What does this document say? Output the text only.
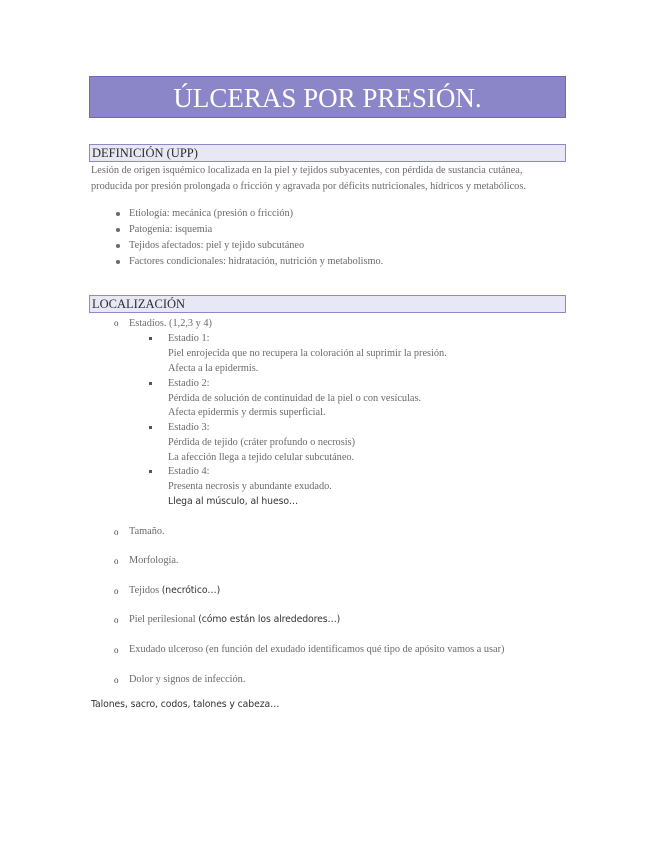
ÚLCERAS POR PRESIÓN.
DEFINICIÓN (UPP)
Lesión de origen isquémico localizada en la piel y tejidos subyacentes, con pérdida de sustancia cutánea,
producida por presión prolongada o fricción y agravada por déficits nutricionales, hídricos y metabólicos.
Etiología: mecánica (presión o fricción)
Patogenia: isquemia
Tejidos afectados: piel y tejido subcutáneo
Factores condicionales: hidratación, nutrición y metabolismo.
LOCALIZACIÓN
o Estadíos. (1,2,3 y 4)
Estadío 1:
Piel enrojecida que no recupera la coloración al suprimir la presión.
Afecta a la epidermis.
Estadío 2:
Pérdida de solución de continuidad de la piel o con vesículas.
Afecta epidermis y dermis superficial.
Estadío 3:
Pérdida de tejido (cráter profundo o necrosis)
La afección llega a tejido celular subcutáneo.
Estadío 4:
Presenta necrosis y abundante exudado.
Llega al músculo, al hueso…
o Tamaño.
o Morfología.
o Tejidos (necrótico…)
o Piel perilesional (cómo están los alrededores…)
o Exudado ulceroso (en función del exudado identificamos qué tipo de apósito vamos a usar)
o Dolor y signos de infección.
Talones, sacro, codos, talones y cabeza…
